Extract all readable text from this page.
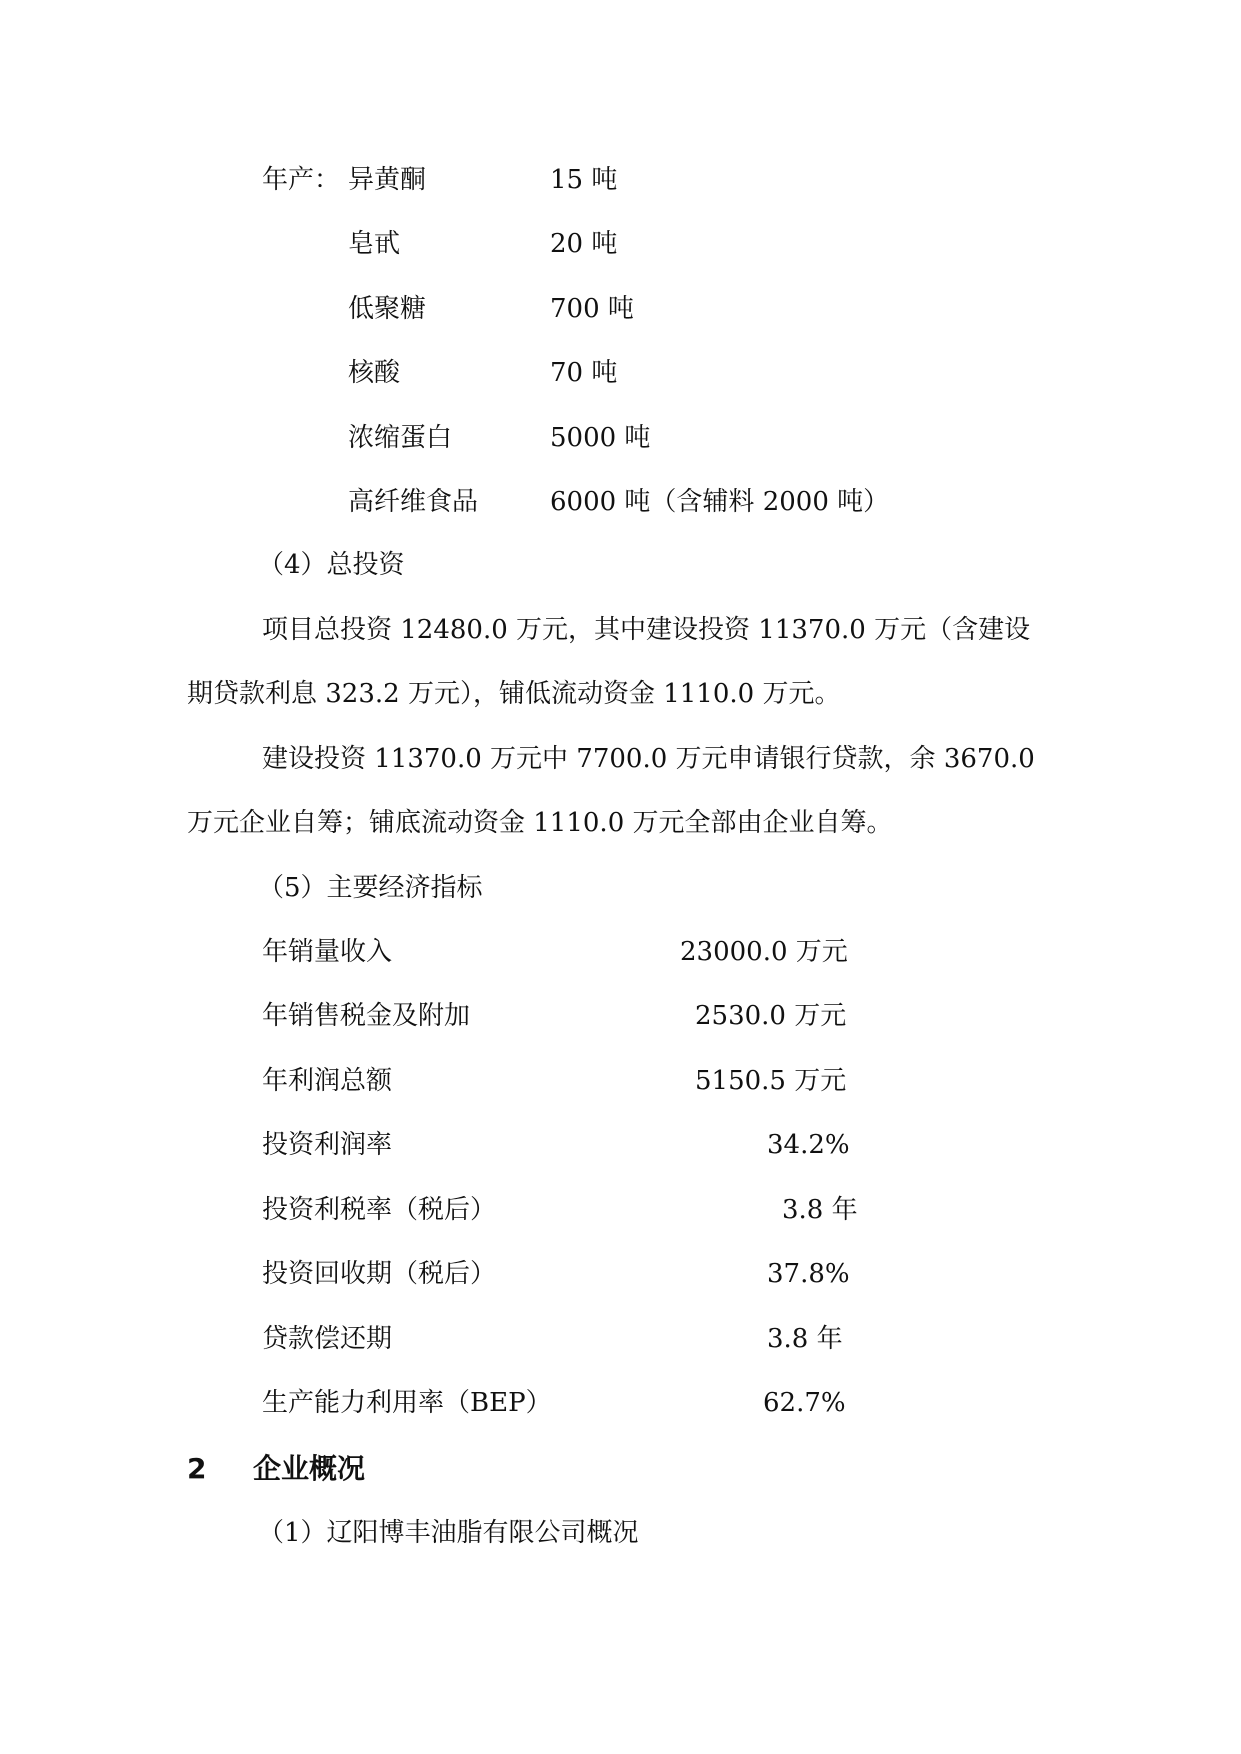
年产： 异黄酮	15 吨
皂甙	20 吨
低聚糖	700 吨
核酸	70 吨
浓缩蛋白	5000 吨
高纤维食品	6000 吨（含辅料 2000 吨）
（4）总投资
项目总投资 12480.0 万元，其中建设投资 11370.0 万元（含建设
期贷款利息 323.2 万元），铺低流动资金 1110.0 万元。
建设投资 11370.0 万元中 7700.0 万元申请银行贷款，余 3670.0
万元企业自筹；铺底流动资金 1110.0 万元全部由企业自筹。
（5）主要经济指标
年销量收入	23000.0 万元
年销售税金及附加	2530.0 万元
年利润总额	5150.5 万元
投资利润率	34.2%
投资利税率（税后）	3.8 年
投资回收期（税后）	37.8%
贷款偿还期	3.8 年
生产能力利用率（BEP）	62.7%
2 企业概况
（1）辽阳博丰油脂有限公司概况
